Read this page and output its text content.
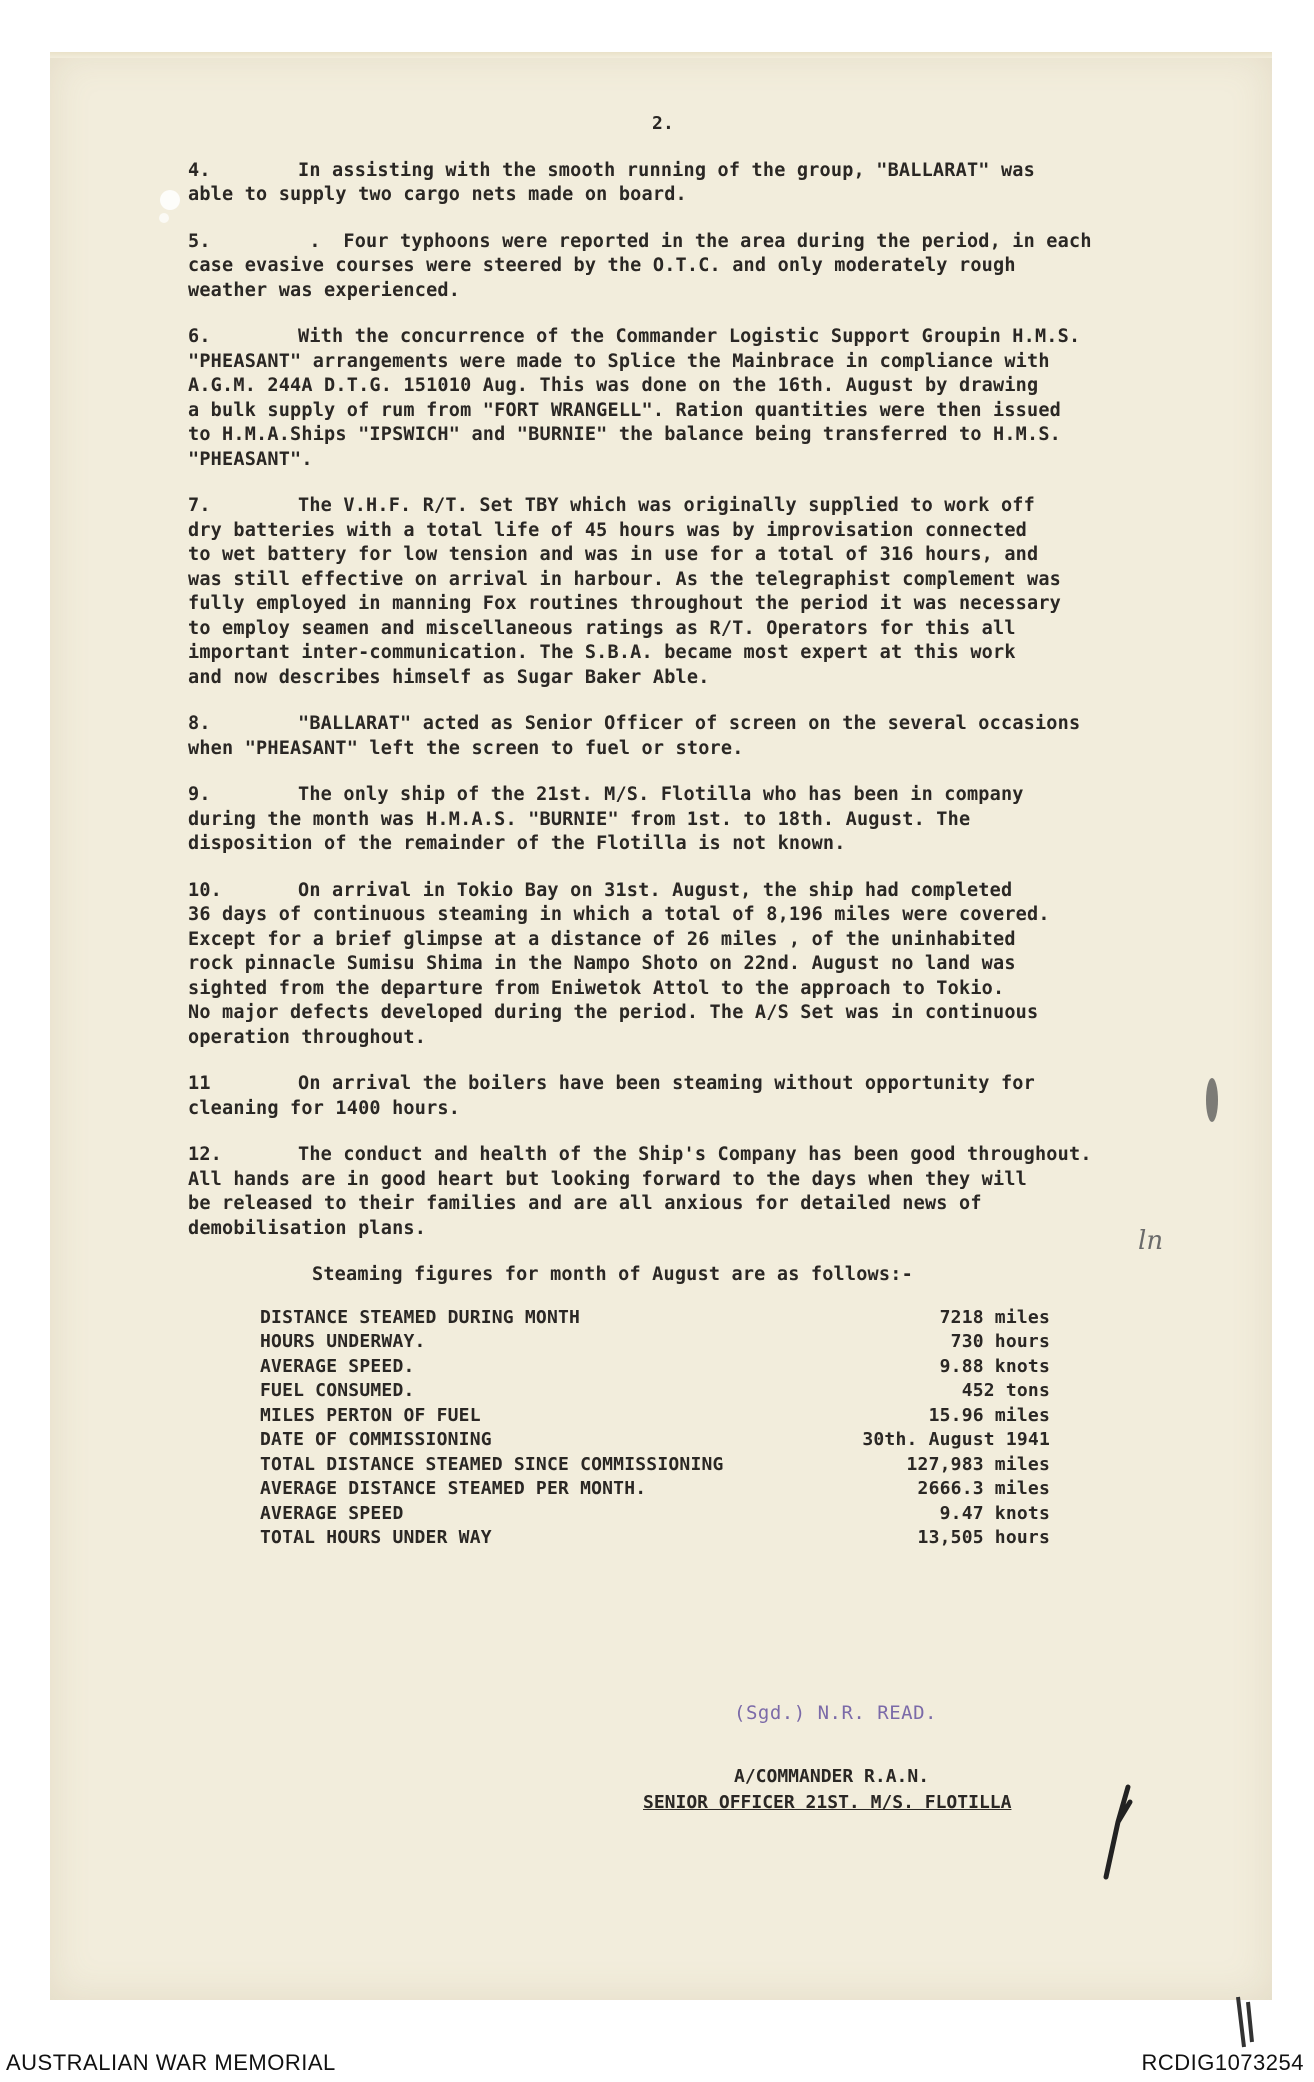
2.
4.	In assisting with the smooth running of the group, "BALLARAT" was
able to supply two cargo nets made on board.
5.	.  Four typhoons were reported in the area during the period, in each
case evasive courses were steered by the O.T.C. and only moderately rough
weather was experienced.
6.	With the concurrence of the Commander Logistic Support Groupin H.M.S.
"PHEASANT" arrangements were made to Splice the Mainbrace in compliance with
A.G.M. 244A D.T.G. 151010 Aug. This was done on the 16th. August by drawing
a bulk supply of rum from "FORT WRANGELL". Ration quantities were then issued
to H.M.A.Ships "IPSWICH" and "BURNIE" the balance being transferred to H.M.S.
"PHEASANT".
7.	The V.H.F. R/T. Set TBY which was originally supplied to work off
dry batteries with a total life of 45 hours was by improvisation connected
to wet battery for low tension and was in use for a total of 316 hours, and
was still effective on arrival in harbour. As the telegraphist complement was
fully employed in manning Fox routines throughout the period it was necessary
to employ seamen and miscellaneous ratings as R/T. Operators for this all
important inter-communication. The S.B.A. became most expert at this work
and now describes himself as Sugar Baker Able.
8.	"BALLARAT" acted as Senior Officer of screen on the several occasions
when "PHEASANT" left the screen to fuel or store.
9.	The only ship of the 21st. M/S. Flotilla who has been in company
during the month was H.M.A.S. "BURNIE" from 1st. to 18th. August. The
disposition of the remainder of the Flotilla is not known.
10.	On arrival in Tokio Bay on 31st. August, the ship had completed
36 days of continuous steaming in which a total of 8,196 miles were covered.
Except for a brief glimpse at a distance of 26 miles , of the uninhabited
rock pinnacle Sumisu Shima in the Nampo Shoto on 22nd. August no land was
sighted from the departure from Eniwetok Attol to the approach to Tokio.
No major defects developed during the period. The A/S Set was in continuous
operation throughout.
11	On arrival the boilers have been steaming without opportunity for
cleaning for 1400 hours.
12.	The conduct and health of the Ship's Company has been good throughout.
All hands are in good heart but looking forward to the days when they will
be released to their families and are all anxious for detailed news of
demobilisation plans.
Steaming figures for month of August are as follows:-
DISTANCE STEAMED DURING MONTH	7218 miles
HOURS UNDERWAY.	730 hours
AVERAGE SPEED.	9.88 knots
FUEL CONSUMED.	452 tons
MILES PERTON OF FUEL	15.96 miles
DATE OF COMMISSIONING	30th. August 1941
TOTAL DISTANCE STEAMED SINCE COMMISSIONING	127,983 miles
AVERAGE DISTANCE STEAMED PER MONTH.	2666.3 miles
AVERAGE SPEED	9.47 knots
TOTAL HOURS UNDER WAY	13,505 hours
(Sgd.) N.R. READ.
A/COMMANDER R.A.N.
SENIOR OFFICER 21ST. M/S. FLOTILLA
ln
AUSTRALIAN WAR MEMORIAL	RCDIG1073254
